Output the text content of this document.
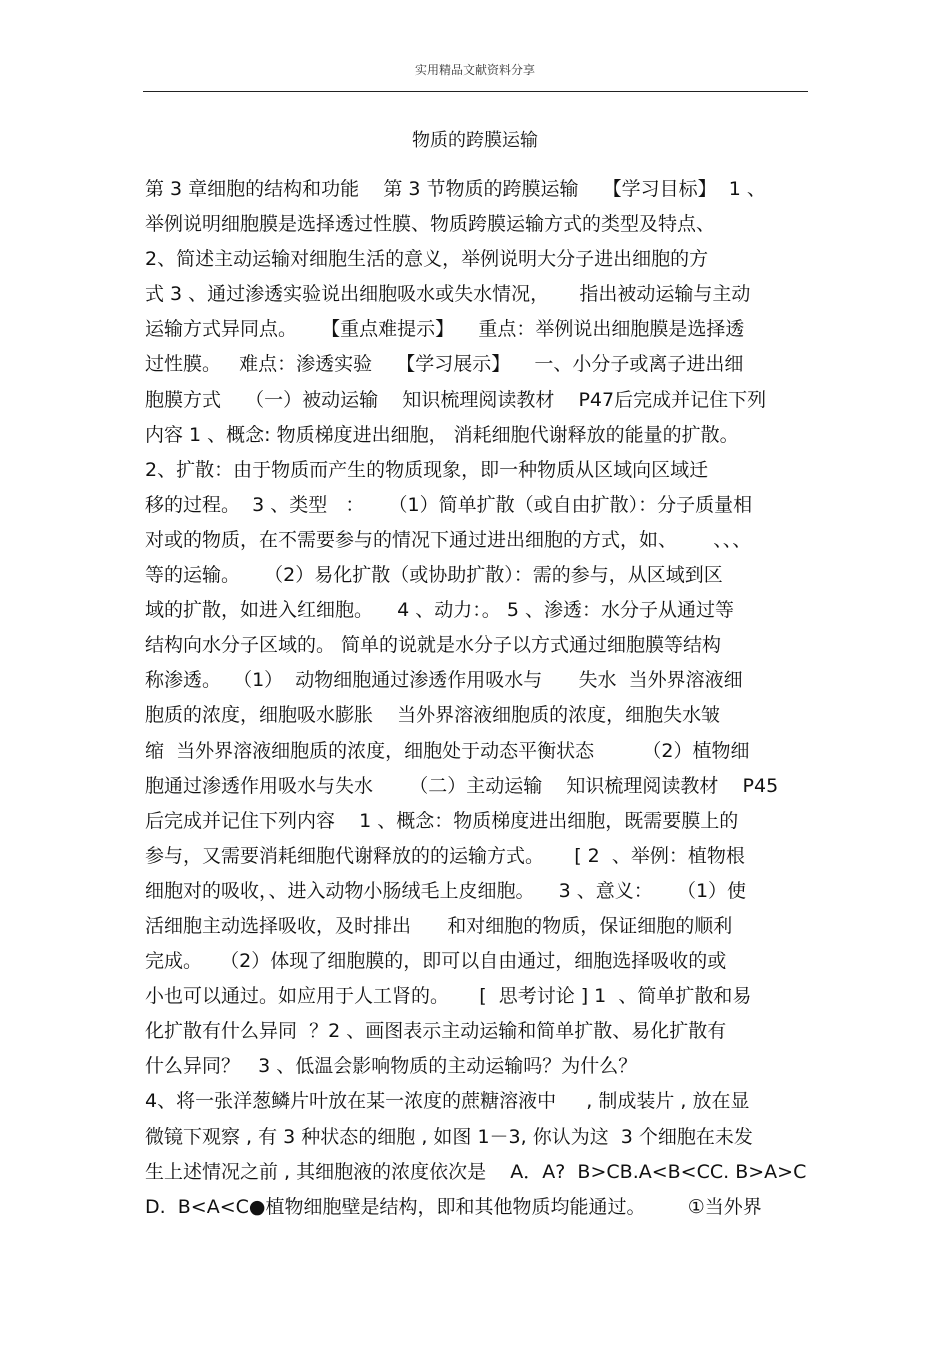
实用精品文献资料分享
物质的跨膜运输
第 3 章细胞的结构和功能    第 3 节物质的跨膜运输    【学习目标】  1 、
举例说明细胞膜是选择透过性膜、物质跨膜运输方式的类型及特点、
2、简述主动运输对细胞生活的意义，举例说明大分子进出细胞的方
式 3 、通过渗透实验说出细胞吸水或失水情况，     指出被动运输与主动
运输方式异同点。    【重点难提示】    重点：举例说出细胞膜是选择透
过性膜。   难点：渗透实验    【学习展示】    一、小分子或离子进出细
胞膜方式    （一）被动运输    知识梳理阅读教材    P47后完成并记住下列
内容 1 、概念: 物质梯度进出细胞， 消耗细胞代谢释放的能量的扩散。
2、扩散：由于物质而产生的物质现象，即一种物质从区域向区域迁
移的过程。  3 、类型   ：    （1）简单扩散（或自由扩散）：分子质量相
对或的物质，在不需要参与的情况下通过进出细胞的方式，如、      、、、
等的运输。    （2）易化扩散（或协助扩散）：需的参与，从区域到区
域的扩散，如进入红细胞。    4 、动力：。 5 、渗透：水分子从通过等
结构向水分子区域的。 简单的说就是水分子以方式通过细胞膜等结构
称渗透。  （1）  动物细胞通过渗透作用吸水与      失水  当外界溶液细
胞质的浓度，细胞吸水膨胀    当外界溶液细胞质的浓度，细胞失水皱
缩  当外界溶液细胞质的浓度，细胞处于动态平衡状态        （2）植物细
胞通过渗透作用吸水与失水      （二）主动运输    知识梳理阅读教材    P45
后完成并记住下列内容    1 、概念：物质梯度进出细胞，既需要膜上的
参与，又需要消耗细胞代谢释放的的运输方式。     [ 2  、举例：植物根
细胞对的吸收，、进入动物小肠绒毛上皮细胞。    3 、意义：    （1）使
活细胞主动选择吸收，及时排出      和对细胞的物质，保证细胞的顺利
完成。   （2）体现了细胞膜的，即可以自由通过，细胞选择吸收的或
小也可以通过。如应用于人工肾的。     [  思考讨论 ] 1  、简单扩散和易
化扩散有什么异同  ？2 、画图表示主动运输和简单扩散、易化扩散有
什么异同？   3 、低温会影响物质的主动运输吗？为什么？
4、将一张洋葱鳞片叶放在某一浓度的蔗糖溶液中     , 制成装片 , 放在显
微镜下观察 , 有 3 种状态的细胞 , 如图 1－3, 你认为这  3 个细胞在未发
生上述情况之前 , 其细胞液的浓度依次是    A．A?  B>CB.A<B<CC. B>A>C
D.  B<A<C●植物细胞壁是结构，即和其他物质均能通过。       ①当外界
